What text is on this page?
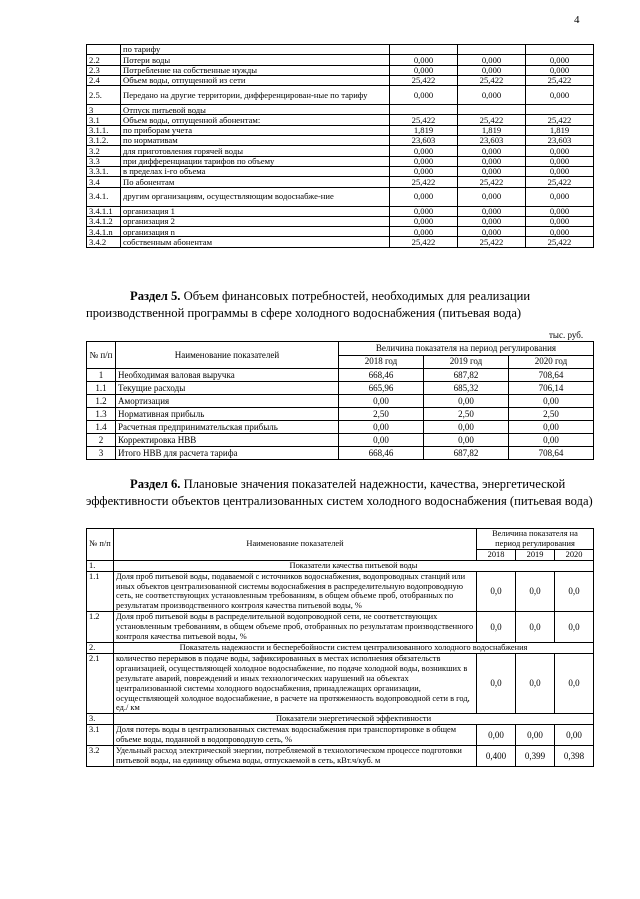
4
	по тарифу			
2.2	Потери воды	0,000	0,000	0,000
2.3	Потребление на собственные нужды	0,000	0,000	0,000
2.4	Объем воды, отпущенной из сети	25,422	25,422	25,422
2.5.	Передано на другие территории, дифференцирован-ные по тарифу	0,000	0,000	0,000
3	Отпуск питьевой воды			
3.1	Объем воды, отпущенной абонентам:	25,422	25,422	25,422
3.1.1.	по приборам учета	1,819	1,819	1,819
3.1.2.	по нормативам	23,603	23,603	23,603
3.2	для приготовления горячей воды	0,000	0,000	0,000
3.3	при дифференциации тарифов по объему	0,000	0,000	0,000
3.3.1.	в пределах i-го объема	0,000	0,000	0,000
3.4	По абонентам	25,422	25,422	25,422
3.4.1.	другим организациям, осуществляющим водоснабже-ние	0,000	0,000	0,000
3.4.1.1	организация 1	0,000	0,000	0,000
3.4.1.2	организация 2	0,000	0,000	0,000
3.4.1.n	организация n	0,000	0,000	0,000
3.4.2	собственным абонентам	25,422	25,422	25,422
Раздел 5. Объем финансовых потребностей, необходимых для реализации производственной программы в сфере холодного водоснабжения (питьевая вода)
тыс. руб.
№ п/п	Наименование показателей	Величина показателя на период регулирования		
		2018 год	2019 год	2020 год
1	Необходимая валовая выручка	668,46	687,82	708,64
1.1	Текущие расходы	665,96	685,32	706,14
1.2	Амортизация	0,00	0,00	0,00
1.3	Нормативная прибыль	2,50	2,50	2,50
1.4	Расчетная предпринимательская прибыль	0,00	0,00	0,00
2	Корректировка НВВ	0,00	0,00	0,00
3	Итого НВВ для расчета тарифа	668,46	687,82	708,64
Раздел 6. Плановые значения показателей надежности, качества, энергетической эффективности объектов централизованных систем холодного водоснабжения (питьевая вода)
№ п/п	Наименование показателей	Величина показателя на период регулирования		
		2018	2019	2020
1.	Показатели качества питьевой воды			
1.1	Доля проб питьевой воды, подаваемой с источников водоснабжения, водопроводных станций или иных объектов централизованной системы водоснабжения в распределительную водопроводную сеть, не соответствующих установленным требованиям, в общем объеме проб, отобранных по результатам производственного контроля качества питьевой воды, %	0,0	0,0	0,0
1.2	Доля проб питьевой воды в распределительной водопроводной сети, не соответствующих установленным требованиям, в общем объеме проб, отобранных по результатам производственного контроля качества питьевой воды, %	0,0	0,0	0,0
2.	Показатель надежности и бесперебойности систем централизованного холодного водоснабжения			
2.1	количество перерывов в подаче воды, зафиксированных в местах исполнения обязательств организацией, осуществляющей холодное водоснабжение, по подаче холодной воды, возникших в результате аварий, повреждений и иных технологических нарушений на объектах централизованной системы холодного водоснабжения, принадлежащих организации, осуществляющей холодное водоснабжение, в расчете на протяженность водопроводной сети в год, ед./ км	0,0	0,0	0,0
3.	Показатели энергетической эффективности			
3.1	Доля потерь воды в централизованных системах водоснабжения при транспортировке в общем объеме воды, поданной в водопроводную сеть, %	0,00	0,00	0,00
3.2	Удельный расход электрической энергии, потребляемой в технологическом процессе подготовки питьевой воды, на единицу объема воды, отпускаемой в сеть, кВт.ч/куб. м	0,400	0,399	0,398
